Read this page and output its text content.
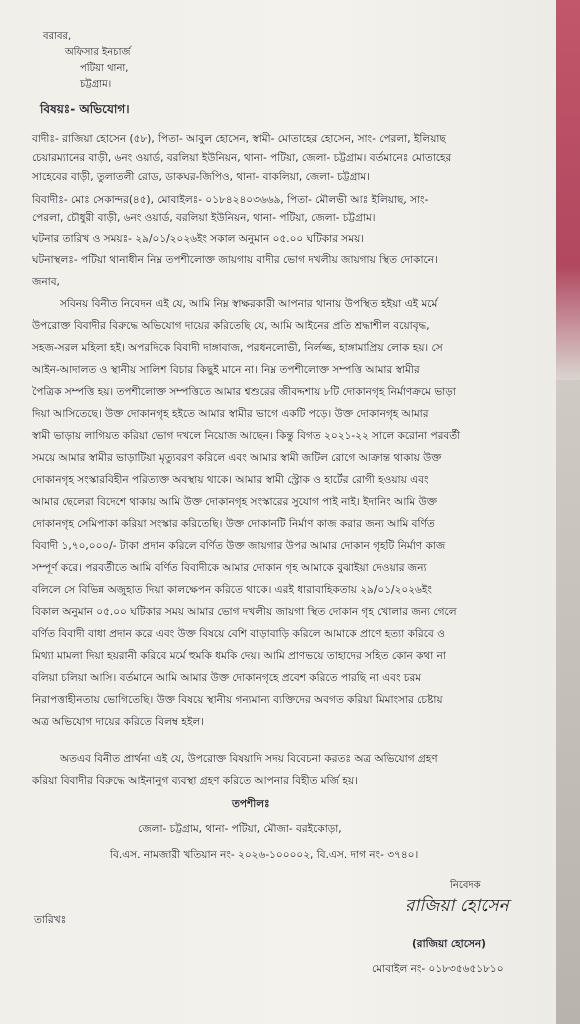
বরাবর,
অফিসার ইনচার্জ
পটিয়া থানা,
চট্টগ্রাম।
বিষয়ঃ- অভিযোগ।
বাদীঃ- রাজিয়া হোসেন (৫৮), পিতা- আবুল হোসেন, স্বামী- মোতাহের হোসেন, সাং- পেরলা, ইলিয়াছ
চেয়ারম্যানের বাড়ী, ৬নং ওয়ার্ড, বরলিয়া ইউনিয়ন, থানা- পটিয়া, জেলা- চট্টগ্রাম। বর্তমানেঃ মোতাহের
সাহেবের বাড়ী, তুলাতলী রোড, ডাকঘর-জিপিও, থানা- বাকলিয়া, জেলা- চট্টগ্রাম।
বিবাদীঃ- মোঃ সেকান্দর(৪৫), মোবাইলঃ- ০১৮৪২৪০৩৬৬৯, পিতা- মৌলভী আঃ ইলিয়াছ, সাং-
পেরলা, চৌধুরী বাড়ী, ৬নং ওয়ার্ড, বরলিয়া ইউনিয়ন, থানা- পটিয়া, জেলা- চট্টগ্রাম।
ঘটনার তারিখ ও সময়ঃ- ২৯/০১/২০২৬ইং সকাল অনুমান ০৫.০০ ঘটিকার সময়।
ঘটনাস্থলঃ- পটিয়া থানাধীন নিম্ন তপশীলোক্ত জায়গায় বাদীর ভোগ দখলীয় জায়গায় স্থিত দোকানে।
জনাব,
সবিনয় বিনীত নিবেদন এই যে, আমি নিম্ন স্বাক্ষরকারী আপনার থানায় উপস্থিত হইয়া এই মর্মে
উপরোক্ত বিবাদীর বিরুদ্ধে অভিযোগ দায়ের করিতেছি যে, আমি আইনের প্রতি শ্রদ্ধাশীল বয়োবৃদ্ধ,
সহজ-সরল মহিলা হই। অপরদিকে বিবাদী দাঙ্গাবাজ, পরধনলোভী, নির্লজ্জ, হাঙ্গামাপ্রিয় লোক হয়। সে
আইন-আদালত ও স্থানীয় সালিশ বিচার কিছুই মানে না। নিম্ন তপশীলোক্ত সম্পত্তি আমার স্বামীর
পৈত্রিক সম্পত্তি হয়। তপশীলোক্ত সম্পত্তিতে আমার শ্বশুরের জীবদ্দশায় ৮টি দোকানগৃহ নির্মাণক্রমে ভাড়া
দিয়া আসিতেছে। উক্ত দোকানগৃহ হইতে আমার স্বামীর ভাগে একটি পড়ে। উক্ত দোকানগৃহ আমার
স্বামী ভাড়ায় লাগিয়ত করিয়া ভোগ দখলে নিয়োজ আছেন। কিন্তু বিগত ২০২১-২২ সালে করোনা পরবর্তী
সময়ে আমার স্বামীর ভাড়াটিয়া মৃত্যুবরণ করিলে এবং আমার স্বামী জটিল রোগে আক্রান্ত থাকায় উক্ত
দোকানগৃহ সংস্কারবিহীন পরিত্যক্ত অবস্থায় থাকে। আমার স্বামী স্ট্রোক ও হার্টের রোগী হওয়ায় এবং
আমার ছেলেরা বিদেশে থাকায় আমি উক্ত দোকানগৃহ সংস্কারের সুযোগ পাই নাই। ইদানিং আমি উক্ত
দোকানগৃহ সেমিপাকা করিয়া সংস্কার করিতেছি। উক্ত দোকানটি নির্মাণ কাজ করার জন্য আমি বর্ণিত
বিবাদী ১,৭০,০০০/- টাকা প্রদান করিলে বর্ণিত উক্ত জায়গার উপর আমার দোকান গৃহটি নির্মাণ কাজ
সম্পূর্ণ করে। পরবর্তীতে আমি বর্ণিত বিবাদীকে আমার দোকান গৃহ আমাকে বুঝাইয়া দেওয়ার জন্য
বলিলে সে বিভিন্ন অজুহাত দিয়া কালক্ষেপন করিতে থাকে। এরই ধারাবাহিকতায় ২৯/০১/২০২৬ইং
বিকাল অনুমান ০৫.০০ ঘটিকার সময় আমার ভোগ দখলীয় জায়গা স্থিত দোকান গৃহ খোলার জন্য গেলে
বর্ণিত বিবাদী বাধা প্রদান করে এবং উক্ত বিষয়ে বেশি বাড়াবাড়ি করিলে আমাকে প্রাণে হত্যা করিবে ও
মিথ্যা মামলা দিয়া হয়রানী করিবে মর্মে হুমকি ধমকি দেয়। আমি প্রাণভয়ে তাহাদের সহিত কোন কথা না
বলিয়া চলিয়া আসি। বর্তমানে আমি আমার উক্ত দোকানগৃহে প্রবেশ করিতে পারছি না এবং চরম
নিরাপত্তাহীনতায় ভোগিতেছি। উক্ত বিষয়ে স্থানীয় গন্যমান্য ব্যক্তিদের অবগত করিয়া মিমাংসার চেষ্টায়
অত্র অভিযোগ দায়ের করিতে বিলম্ব হইল।
অতএব বিনীত প্রার্থনা এই যে, উপরোক্ত বিষয়াদি সদয় বিবেচনা করতঃ অত্র অভিযোগ গ্রহণ
করিয়া বিবাদীর বিরুদ্ধে আইনানুগ ব্যবস্থা গ্রহণ করিতে আপনার বিহীত মর্জি হয়।
তপশীলঃ
জেলা- চট্টগ্রাম, থানা- পটিয়া, মৌজা- বরইকোড়া,
বি.এস. নামজারী খতিয়ান নং- ২০২৬-১০০০০২, বি.এস. দাগ নং- ৩৭৪০।
নিবেদক
রাজিয়া হোসেন
তারিখঃ
(রাজিয়া হোসেন)
মোবাইল নং- ০১৮৩৫৬৫১৮১০
